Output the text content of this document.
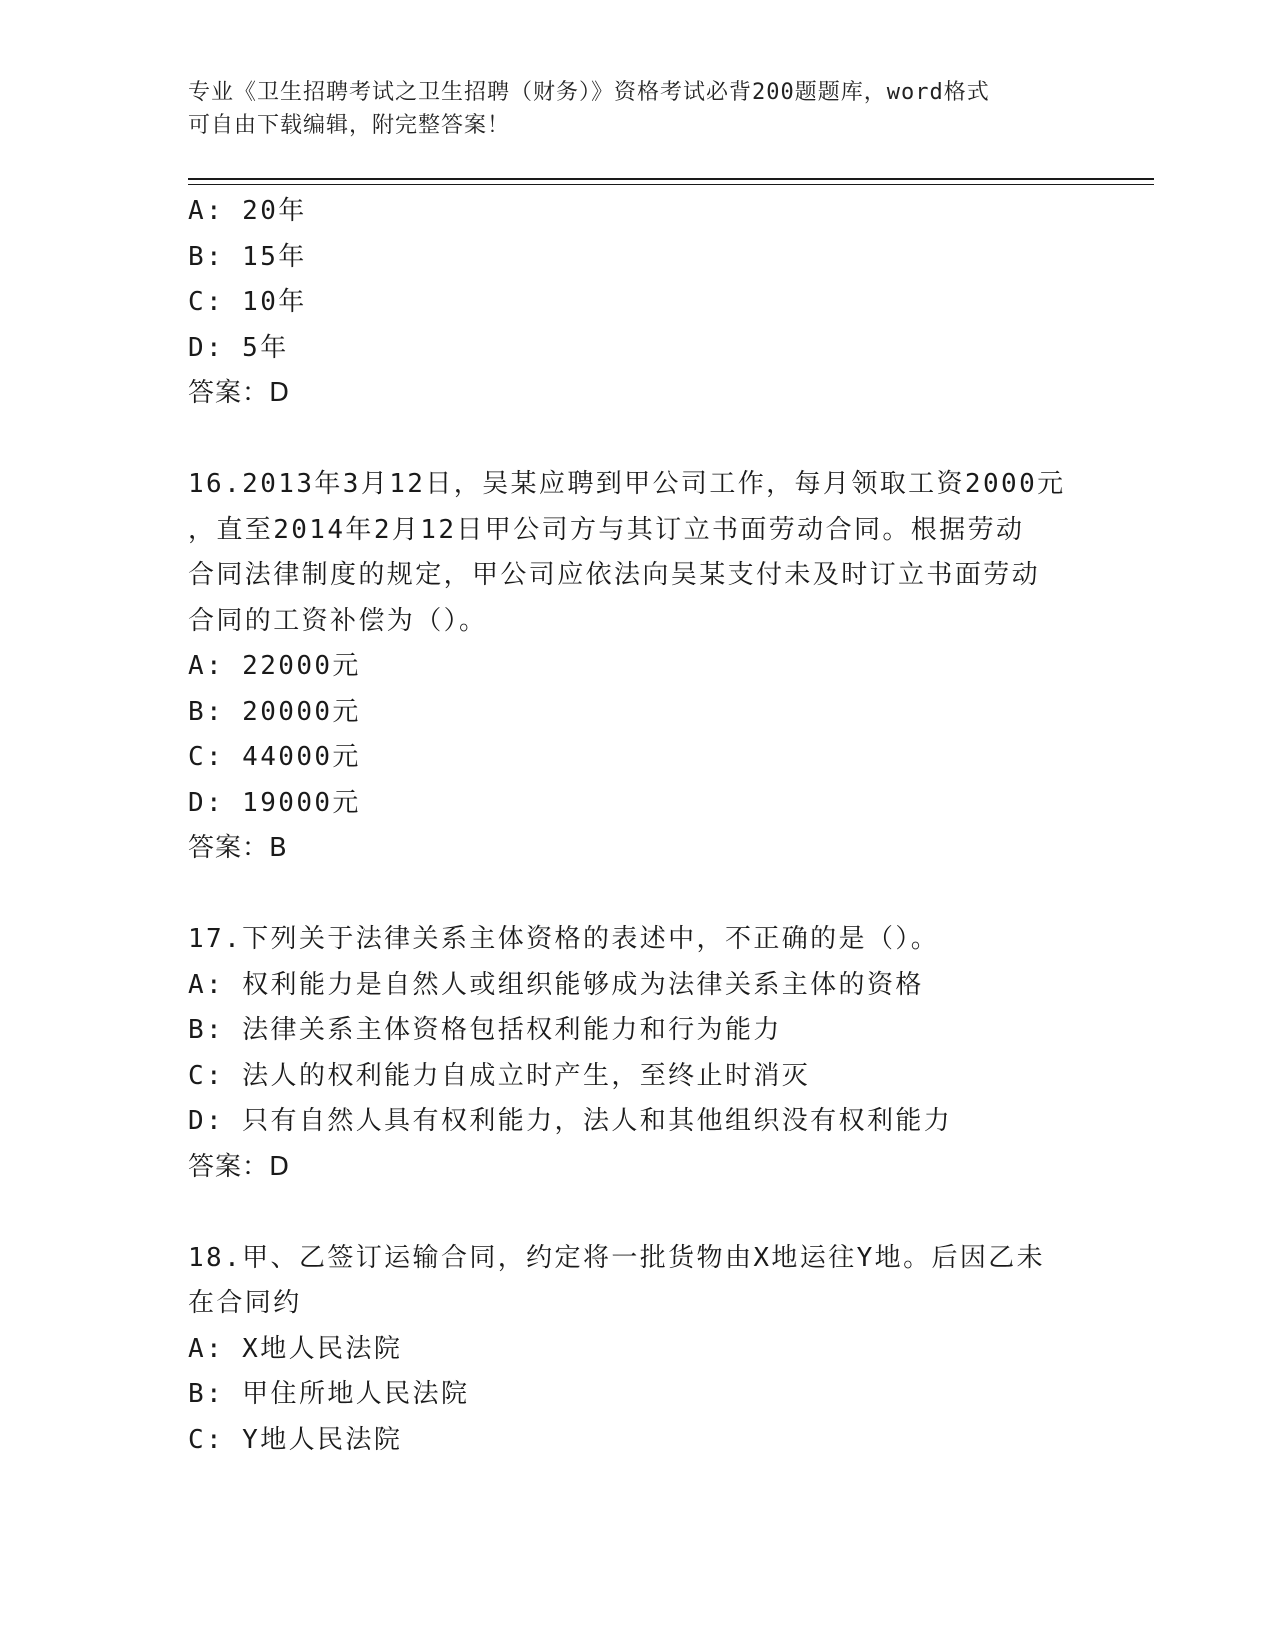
专业《卫生招聘考试之卫生招聘（财务）》资格考试必背200题题库，word格式

可自由下载编辑，附完整答案！

A: 20年
B: 15年
C: 10年
D: 5年
答案：D
16.2013年3月12日，吴某应聘到甲公司工作，每月领取工资2000元
，直至2014年2月12日甲公司方与其订立书面劳动合同。根据劳动
合同法律制度的规定，甲公司应依法向吴某支付未及时订立书面劳动
合同的工资补偿为（）。
A: 22000元
B: 20000元
C: 44000元
D: 19000元
答案：B
17.下列关于法律关系主体资格的表述中，不正确的是（）。
A: 权利能力是自然人或组织能够成为法律关系主体的资格
B: 法律关系主体资格包括权利能力和行为能力
C: 法人的权利能力自成立时产生，至终止时消灭
D: 只有自然人具有权利能力，法人和其他组织没有权利能力
答案：D
18.甲、乙签订运输合同，约定将一批货物由X地运往Y地。后因乙未
在合同约
A: X地人民法院
B: 甲住所地人民法院
C: Y地人民法院
